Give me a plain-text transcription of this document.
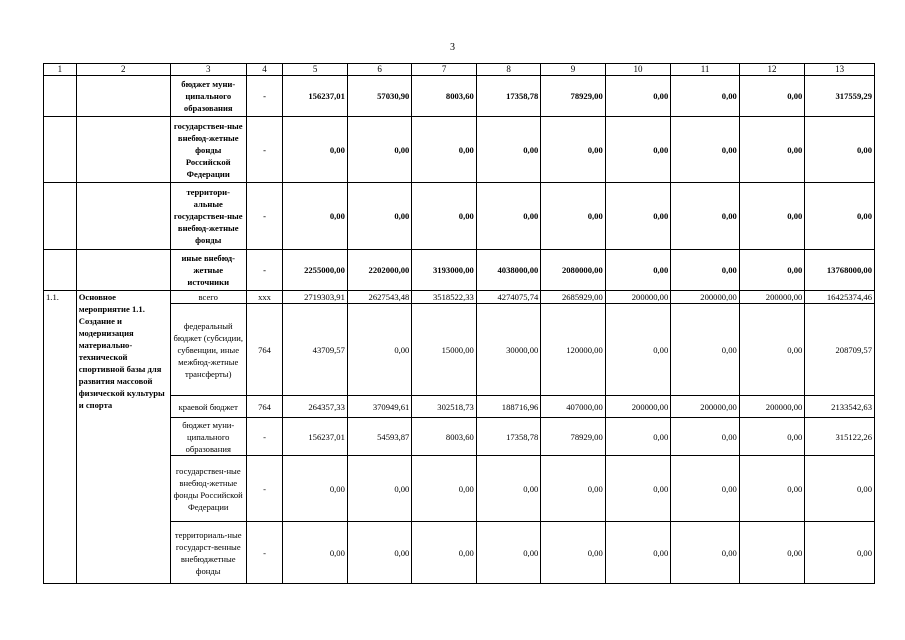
3
1	2	3	4	5	6	7	8	9	10	11	12	13
		бюджет муни-ципального образования	-	156237,01	57030,90	8003,60	17358,78	78929,00	0,00	0,00	0,00	317559,29
		государствен-ные внебюд-жетные фонды Российской Федерации	-	0,00	0,00	0,00	0,00	0,00	0,00	0,00	0,00	0,00
		территори-альные государствен-ные внебюд-жетные фонды	-	0,00	0,00	0,00	0,00	0,00	0,00	0,00	0,00	0,00
		иные внебюд-жетные источники	-	2255000,00	2202000,00	3193000,00	4038000,00	2080000,00	0,00	0,00	0,00	13768000,00
1.1.	Основное мероприятие 1.1. Создание и модернизация материально-технической спортивной базы для развития массовой физической культуры и спорта	всего	ххх	2719303,91	2627543,48	3518522,33	4274075,74	2685929,00	200000,00	200000,00	200000,00	16425374,46
		федеральный бюджет (субсидии, субвенции, иные межбюд-жетные трансферты)	764	43709,57	0,00	15000,00	30000,00	120000,00	0,00	0,00	0,00	208709,57
		краевой бюджет	764	264357,33	370949,61	302518,73	188716,96	407000,00	200000,00	200000,00	200000,00	2133542,63
		бюджет муни-ципального образования	-	156237,01	54593,87	8003,60	17358,78	78929,00	0,00	0,00	0,00	315122,26
		государствен-ные внебюд-жетные фонды Российской Федерации	-	0,00	0,00	0,00	0,00	0,00	0,00	0,00	0,00	0,00
		территориаль-ные государст-венные внебюджетные фонды	-	0,00	0,00	0,00	0,00	0,00	0,00	0,00	0,00	0,00
